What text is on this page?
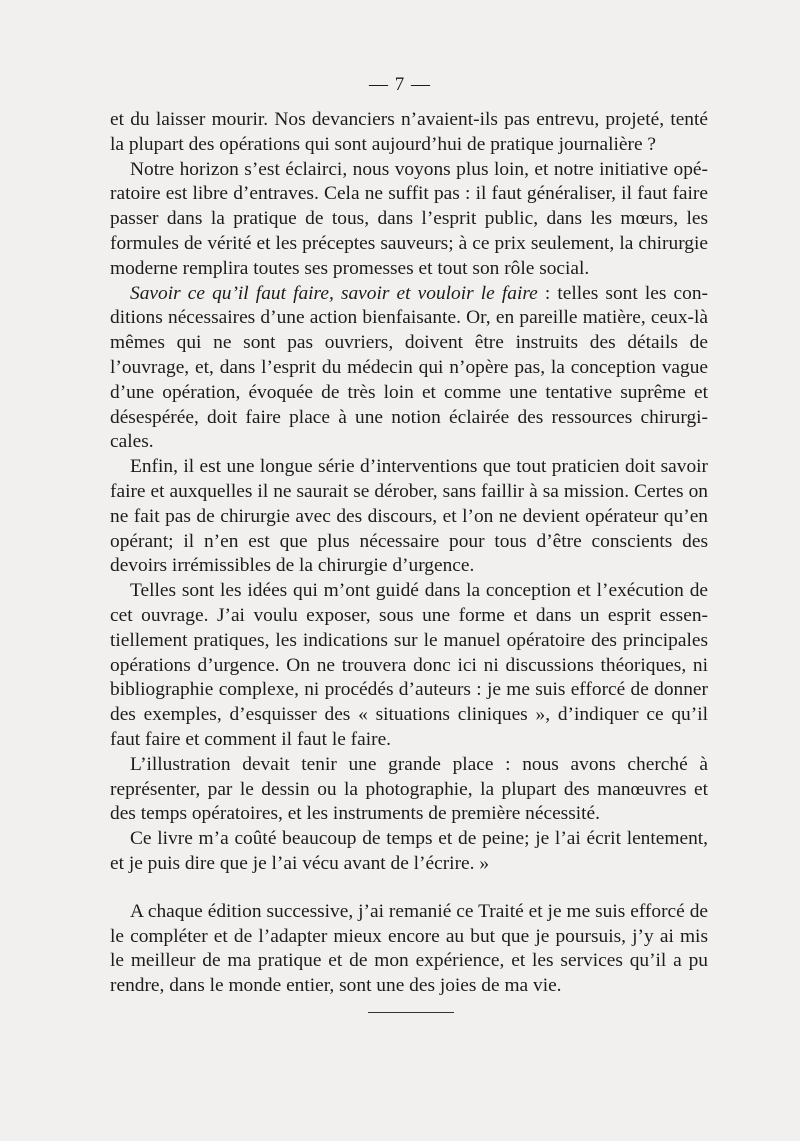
— 7 —

et du laisser mourir. Nos devanciers n’avaient-ils pas entrevu, projeté, tenté la plupart des opérations qui sont aujourd’hui de pratique journalière ?

Notre horizon s’est éclairci, nous voyons plus loin, et notre initiative opératoire est libre d’entraves. Cela ne suffit pas : il faut généraliser, il faut faire passer dans la pratique de tous, dans l’esprit public, dans les mœurs, les formules de vérité et les préceptes sauveurs; à ce prix seulement, la chirurgie moderne remplira toutes ses promesses et tout son rôle social.

Savoir ce qu’il faut faire, savoir et vouloir le faire : telles sont les conditions nécessaires d’une action bienfaisante. Or, en pareille matière, ceux-là mêmes qui ne sont pas ouvriers, doivent être instruits des détails de l’ouvrage, et, dans l’esprit du médecin qui n’opère pas, la conception vague d’une opération, évoquée de très loin et comme une tentative suprême et désespérée, doit faire place à une notion éclairée des ressources chirurgicales.

Enfin, il est une longue série d’interventions que tout praticien doit savoir faire et auxquelles il ne saurait se dérober, sans faillir à sa mission. Certes on ne fait pas de chirurgie avec des discours, et l’on ne devient opérateur qu’en opérant; il n’en est que plus nécessaire pour tous d’être conscients des devoirs irrémissibles de la chirurgie d’urgence.

Telles sont les idées qui m’ont guidé dans la conception et l’exécution de cet ouvrage. J’ai voulu exposer, sous une forme et dans un esprit essentiellement pratiques, les indications sur le manuel opératoire des principales opérations d’urgence. On ne trouvera donc ici ni discussions théoriques, ni bibliographie complexe, ni procédés d’auteurs : je me suis efforcé de donner des exemples, d’esquisser des « situations cliniques », d’indiquer ce qu’il faut faire et comment il faut le faire.

L’illustration devait tenir une grande place : nous avons cherché à représenter, par le dessin ou la photographie, la plupart des manœuvres et des temps opératoires, et les instruments de première nécessité.

Ce livre m’a coûté beaucoup de temps et de peine; je l’ai écrit lentement, et je puis dire que je l’ai vécu avant de l’écrire. »

A chaque édition successive, j’ai remanié ce Traité et je me suis efforcé de le compléter et de l’adapter mieux encore au but que je poursuis, j’y ai mis le meilleur de ma pratique et de mon expérience, et les services qu’il a pu rendre, dans le monde entier, sont une des joies de ma vie.
